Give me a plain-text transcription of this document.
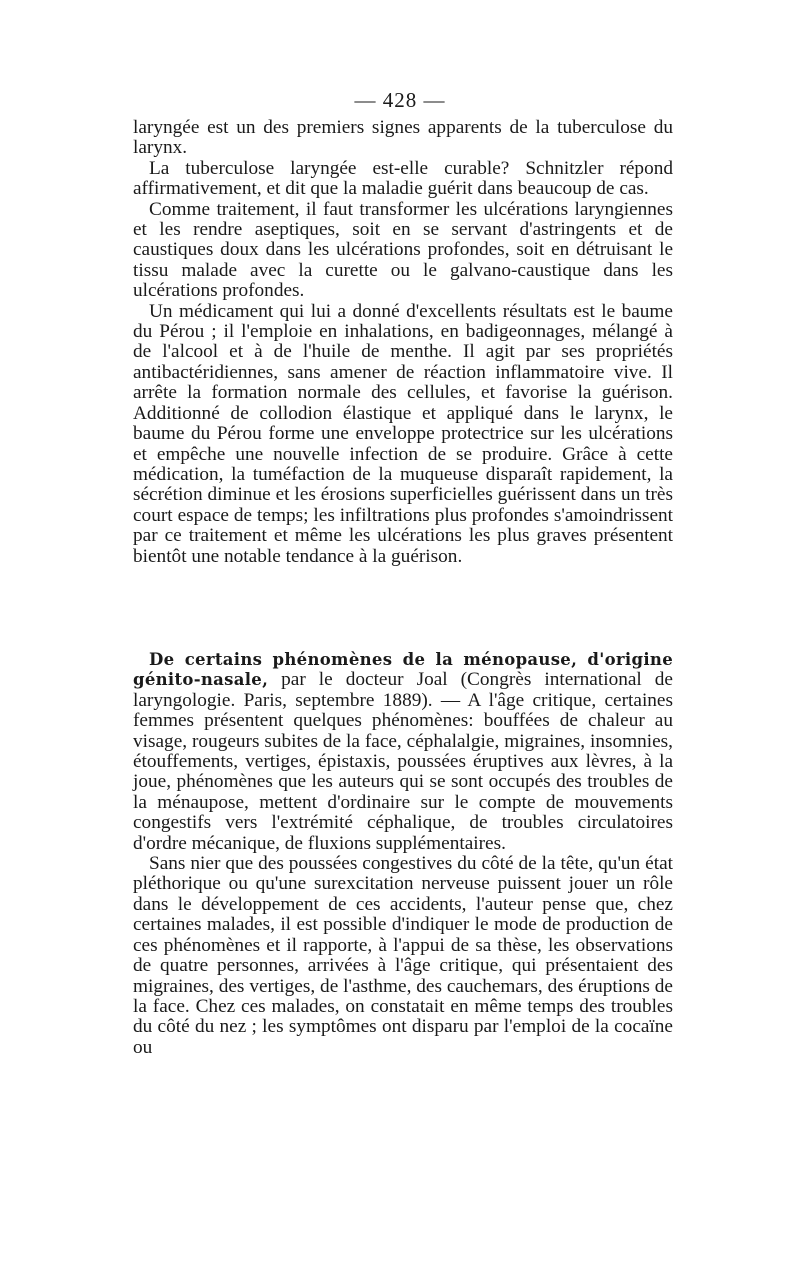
— 428 —

laryngée est un des premiers signes apparents de la tuberculose du larynx.

La tuberculose laryngée est-elle curable? Schnitzler répond affirmativement, et dit que la maladie guérit dans beaucoup de cas.

Comme traitement, il faut transformer les ulcérations laryngiennes et les rendre aseptiques, soit en se servant d'astringents et de caustiques doux dans les ulcérations profondes, soit en détruisant le tissu malade avec la curette ou le galvano-caustique dans les ulcérations profondes.

Un médicament qui lui a donné d'excellents résultats est le baume du Pérou ; il l'emploie en inhalations, en badigeonnages, mélangé à de l'alcool et à de l'huile de menthe. Il agit par ses propriétés antibactéridiennes, sans amener de réaction inflammatoire vive. Il arrête la formation normale des cellules, et favorise la guérison. Additionné de collodion élastique et appliqué dans le larynx, le baume du Pérou forme une enveloppe protectrice sur les ulcérations et empêche une nouvelle infection de se produire. Grâce à cette médication, la tuméfaction de la muqueuse disparaît rapidement, la sécrétion diminue et les érosions superficielles guérissent dans un très court espace de temps; les infiltrations plus profondes s'amoindrissent par ce traitement et même les ulcérations les plus graves présentent bientôt une notable tendance à la guérison.

De certains phénomènes de la ménopause, d'origine génito-nasale, par le docteur Joal (Congrès international de laryngologie. Paris, septembre 1889). — A l'âge critique, certaines femmes présentent quelques phénomènes: bouffées de chaleur au visage, rougeurs subites de la face, céphalalgie, migraines, insomnies, étouffements, vertiges, épistaxis, poussées éruptives aux lèvres, à la joue, phénomènes que les auteurs qui se sont occupés des troubles de la ménaupose, mettent d'ordinaire sur le compte de mouvements congestifs vers l'extrémité céphalique, de troubles circulatoires d'ordre mécanique, de fluxions supplémentaires.

Sans nier que des poussées congestives du côté de la tête, qu'un état pléthorique ou qu'une surexcitation nerveuse puissent jouer un rôle dans le développement de ces accidents, l'auteur pense que, chez certaines malades, il est possible d'indiquer le mode de production de ces phénomènes et il rapporte, à l'appui de sa thèse, les observations de quatre personnes, arrivées à l'âge critique, qui présentaient des migraines, des vertiges, de l'asthme, des cauchemars, des éruptions de la face. Chez ces malades, on constatait en même temps des troubles du côté du nez ; les symptômes ont disparu par l'emploi de la cocaïne ou
